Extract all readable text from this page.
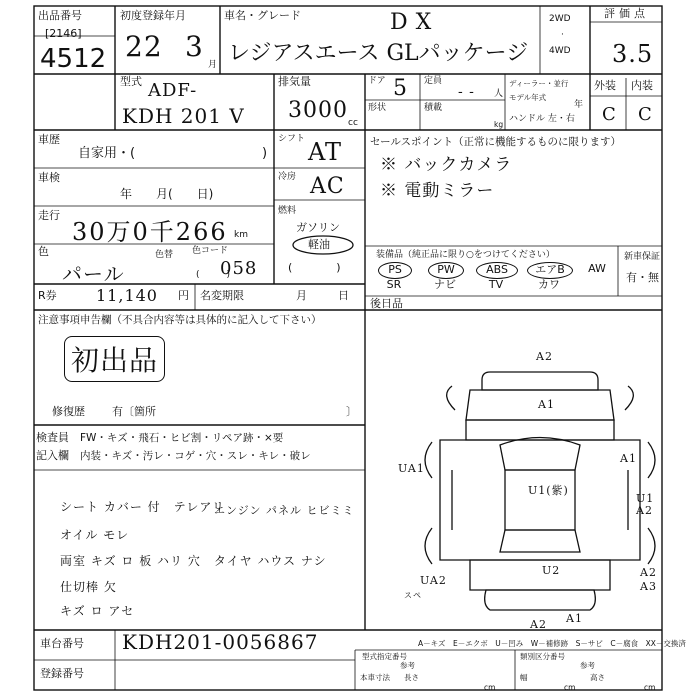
出品番号
[2146]
4512
初度登録年月
22 3
月
車名・グレード	DX
レジアスエース GLパッケージ
2WD
·
4WD
評価点
3.5
外装 内装
C C
型式 ADF-
KDH 201 V
排気量
3000 cc
ドア 5 定員
- - 人
ディーラー・並行
モデル年式
年
形状	積載
kg
ハンドル 左・右
車歴
自家用・(	)
シフト AT
車検
年　　月(　　日)
冷房 AC
走行
30万0千266 km
燃料
ガソリン
軽油
(　　　　)
色
パール
色替 色コード
058
(　　　)
R券 11,140 円 名変期限	月　　日
セールスポイント（正常に機能するものに限ります）
※ バックカメラ
※ 電動ミラー
装備品（純正品に限り○をつけてください）
PS	PW	ABS	エアB	AW
SR	ナビ	TV	カワ
新車保証
有・無
注意事項申告欄（不具合内容等は具体的に記入して下さい）
初出品
修復歴 有〔箇所	〕
検査員 FW・キズ・飛石・ヒビ割・リペア跡・×要
記入欄 内装・キズ・汚レ・コゲ・穴・スレ・キレ・破レ
シート カバー 付　テレアリ
エンジン パネル ヒビミミ
オイル モレ
両室 キズ ロ 板 ハリ 穴　タイヤ ハウス ナシ
仕切棒 欠
キズ ロ アセ
後日品
A2
A1
A1
U1(紫)
U1
A2
UA1
U2
UA2
A2
A3
A2 A1
スペ
A－キズ　E－エクボ　U－凹み　W－補修跡　S－サビ　C－腐食　XX－交換済
車台番号 KDH201-0056867
登録番号
型式指定番号	類別区分番号
参考	参考
本車寸法 長さ
cm
幅
cm
高さ
cm
